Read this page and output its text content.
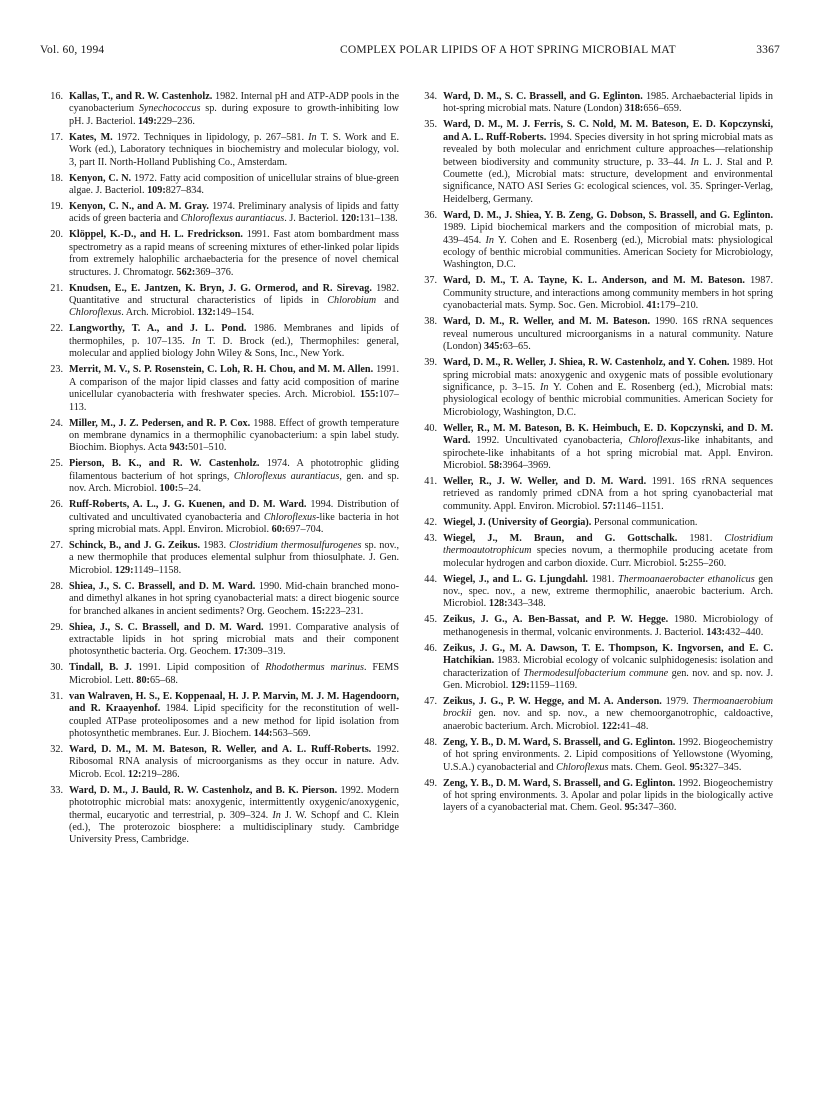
Vol. 60, 1994	COMPLEX POLAR LIPIDS OF A HOT SPRING MICROBIAL MAT	3367
16. Kallas, T., and R. W. Castenholz. 1982. Internal pH and ATP-ADP pools in the cyanobacterium Synechococcus sp. during exposure to growth-inhibiting low pH. J. Bacteriol. 149:229–236.
17. Kates, M. 1972. Techniques in lipidology, p. 267–581. In T. S. Work and E. Work (ed.), Laboratory techniques in biochemistry and molecular biology, vol. 3, part II. North-Holland Publishing Co., Amsterdam.
18. Kenyon, C. N. 1972. Fatty acid composition of unicellular strains of blue-green algae. J. Bacteriol. 109:827–834.
19. Kenyon, C. N., and A. M. Gray. 1974. Preliminary analysis of lipids and fatty acids of green bacteria and Chloroflexus aurantiacus. J. Bacteriol. 120:131–138.
20. Klöppel, K.-D., and H. L. Fredrickson. 1991. Fast atom bombardment mass spectrometry as a rapid means of screening mixtures of ether-linked polar lipids from extremely halophilic archaebacteria for the presence of novel chemical structures. J. Chromatogr. 562:369–376.
21. Knudsen, E., E. Jantzen, K. Bryn, J. G. Ormerod, and R. Sirevag. 1982. Quantitative and structural characteristics of lipids in Chlorobium and Chloroflexus. Arch. Microbiol. 132:149–154.
22. Langworthy, T. A., and J. L. Pond. 1986. Membranes and lipids of thermophiles, p. 107–135. In T. D. Brock (ed.), Thermophiles: general, molecular and applied biology John Wiley & Sons, Inc., New York.
23. Merrit, M. V., S. P. Rosenstein, C. Loh, R. H. Chou, and M. M. Allen. 1991. A comparison of the major lipid classes and fatty acid composition of marine unicellular cyanobacteria with freshwater species. Arch. Microbiol. 155:107–113.
24. Miller, M., J. Z. Pedersen, and R. P. Cox. 1988. Effect of growth temperature on membrane dynamics in a thermophilic cyanobacterium: a spin label study. Biochim. Biophys. Acta 943:501–510.
25. Pierson, B. K., and R. W. Castenholz. 1974. A phototrophic gliding filamentous bacterium of hot springs, Chloroflexus aurantiacus, gen. and sp. nov. Arch. Microbiol. 100:5–24.
26. Ruff-Roberts, A. L., J. G. Kuenen, and D. M. Ward. 1994. Distribution of cultivated and uncultivated cyanobacteria and Chloroflexus-like bacteria in hot spring microbial mats. Appl. Environ. Microbiol. 60:697–704.
27. Schinck, B., and J. G. Zeikus. 1983. Clostridium thermosulfurogenes sp. nov., a new thermophile that produces elemental sulphur from thiosulphate. J. Gen. Microbiol. 129:1149–1158.
28. Shiea, J., S. C. Brassell, and D. M. Ward. 1990. Mid-chain branched mono- and dimethyl alkanes in hot spring cyanobacterial mats: a direct biogenic source for branched alkanes in ancient sediments? Org. Geochem. 15:223–231.
29. Shiea, J., S. C. Brassell, and D. M. Ward. 1991. Comparative analysis of extractable lipids in hot spring microbial mats and their component photosynthetic bacteria. Org. Geochem. 17:309–319.
30. Tindall, B. J. 1991. Lipid composition of Rhodothermus marinus. FEMS Microbiol. Lett. 80:65–68.
31. van Walraven, H. S., E. Koppenaal, H. J. P. Marvin, M. J. M. Hagendoorn, and R. Kraayenhof. 1984. Lipid specificity for the reconstitution of well-coupled ATPase proteoliposomes and a new method for lipid isolation from photosynthetic membranes. Eur. J. Biochem. 144:563–569.
32. Ward, D. M., M. M. Bateson, R. Weller, and A. L. Ruff-Roberts. 1992. Ribosomal RNA analysis of microorganisms as they occur in nature. Adv. Microb. Ecol. 12:219–286.
33. Ward, D. M., J. Bauld, R. W. Castenholz, and B. K. Pierson. 1992. Modern phototrophic microbial mats: anoxygenic, intermittently oxygenic/anoxygenic, thermal, eucaryotic and terrestrial, p. 309–324. In J. W. Schopf and C. Klein (ed.), The proterozoic biosphere: a multidisciplinary study. Cambridge University Press, Cambridge.
34. Ward, D. M., S. C. Brassell, and G. Eglinton. 1985. Archaebacterial lipids in hot-spring microbial mats. Nature (London) 318:656–659.
35. Ward, D. M., M. J. Ferris, S. C. Nold, M. M. Bateson, E. D. Kopczynski, and A. L. Ruff-Roberts. 1994. Species diversity in hot spring microbial mats as revealed by both molecular and enrichment culture approaches—relationship between biodiversity and community structure, p. 33–44. In L. J. Stal and P. Coumette (ed.), Microbial mats: structure, development and environmental significance, NATO ASI Series G: ecological sciences, vol. 35. Springer-Verlag, Heidelberg, Germany.
36. Ward, D. M., J. Shiea, Y. B. Zeng, G. Dobson, S. Brassell, and G. Eglinton. 1989. Lipid biochemical markers and the composition of microbial mats, p. 439–454. In Y. Cohen and E. Rosenberg (ed.), Microbial mats: physiological ecology of benthic microbial communities. American Society for Microbiology, Washington, D.C.
37. Ward, D. M., T. A. Tayne, K. L. Anderson, and M. M. Bateson. 1987. Community structure, and interactions among community members in hot spring cyanobacterial mats. Symp. Soc. Gen. Microbiol. 41:179–210.
38. Ward, D. M., R. Weller, and M. M. Bateson. 1990. 16S rRNA sequences reveal numerous uncultured microorganisms in a natural community. Nature (London) 345:63–65.
39. Ward, D. M., R. Weller, J. Shiea, R. W. Castenholz, and Y. Cohen. 1989. Hot spring microbial mats: anoxygenic and oxygenic mats of possible evolutionary significance, p. 3–15. In Y. Cohen and E. Rosenberg (ed.), Microbial mats: physiological ecology of benthic microbial communities. American Society for Microbiology, Washington, D.C.
40. Weller, R., M. M. Bateson, B. K. Heimbuch, E. D. Kopczynski, and D. M. Ward. 1992. Uncultivated cyanobacteria, Chloroflexus-like inhabitants, and spirochete-like inhabitants of a hot spring microbial mat. Appl. Environ. Microbiol. 58:3964–3969.
41. Weller, R., J. W. Weller, and D. M. Ward. 1991. 16S rRNA sequences retrieved as randomly primed cDNA from a hot spring cyanobacterial mat community. Appl. Environ. Microbiol. 57:1146–1151.
42. Wiegel, J. (University of Georgia). Personal communication.
43. Wiegel, J., M. Braun, and G. Gottschalk. 1981. Clostridium thermoautotrophicum species novum, a thermophile producing acetate from molecular hydrogen and carbon dioxide. Curr. Microbiol. 5:255–260.
44. Wiegel, J., and L. G. Ljungdahl. 1981. Thermoanaerobacter ethanolicus gen nov., spec. nov., a new, extreme thermophilic, anaerobic bacterium. Arch. Microbiol. 128:343–348.
45. Zeikus, J. G., A. Ben-Bassat, and P. W. Hegge. 1980. Microbiology of methanogenesis in thermal, volcanic environments. J. Bacteriol. 143:432–440.
46. Zeikus, J. G., M. A. Dawson, T. E. Thompson, K. Ingvorsen, and E. C. Hatchikian. 1983. Microbial ecology of volcanic sulphidogenesis: isolation and characterization of Thermodesulfobacterium commune gen. nov. and sp. nov. J. Gen. Microbiol. 129:1159–1169.
47. Zeikus, J. G., P. W. Hegge, and M. A. Anderson. 1979. Thermoanaerobium brockii gen. nov. and sp. nov., a new chemoorganotrophic, caldoactive, anaerobic bacterium. Arch. Microbiol. 122:41–48.
48. Zeng, Y. B., D. M. Ward, S. Brassell, and G. Eglinton. 1992. Biogeochemistry of hot spring environments. 2. Lipid compositions of Yellowstone (Wyoming, U.S.A.) cyanobacterial and Chloroflexus mats. Chem. Geol. 95:327–345.
49. Zeng, Y. B., D. M. Ward, S. Brassell, and G. Eglinton. 1992. Biogeochemistry of hot spring environments. 3. Apolar and polar lipids in the biologically active layers of a cyanobacterial mat. Chem. Geol. 95:347–360.
